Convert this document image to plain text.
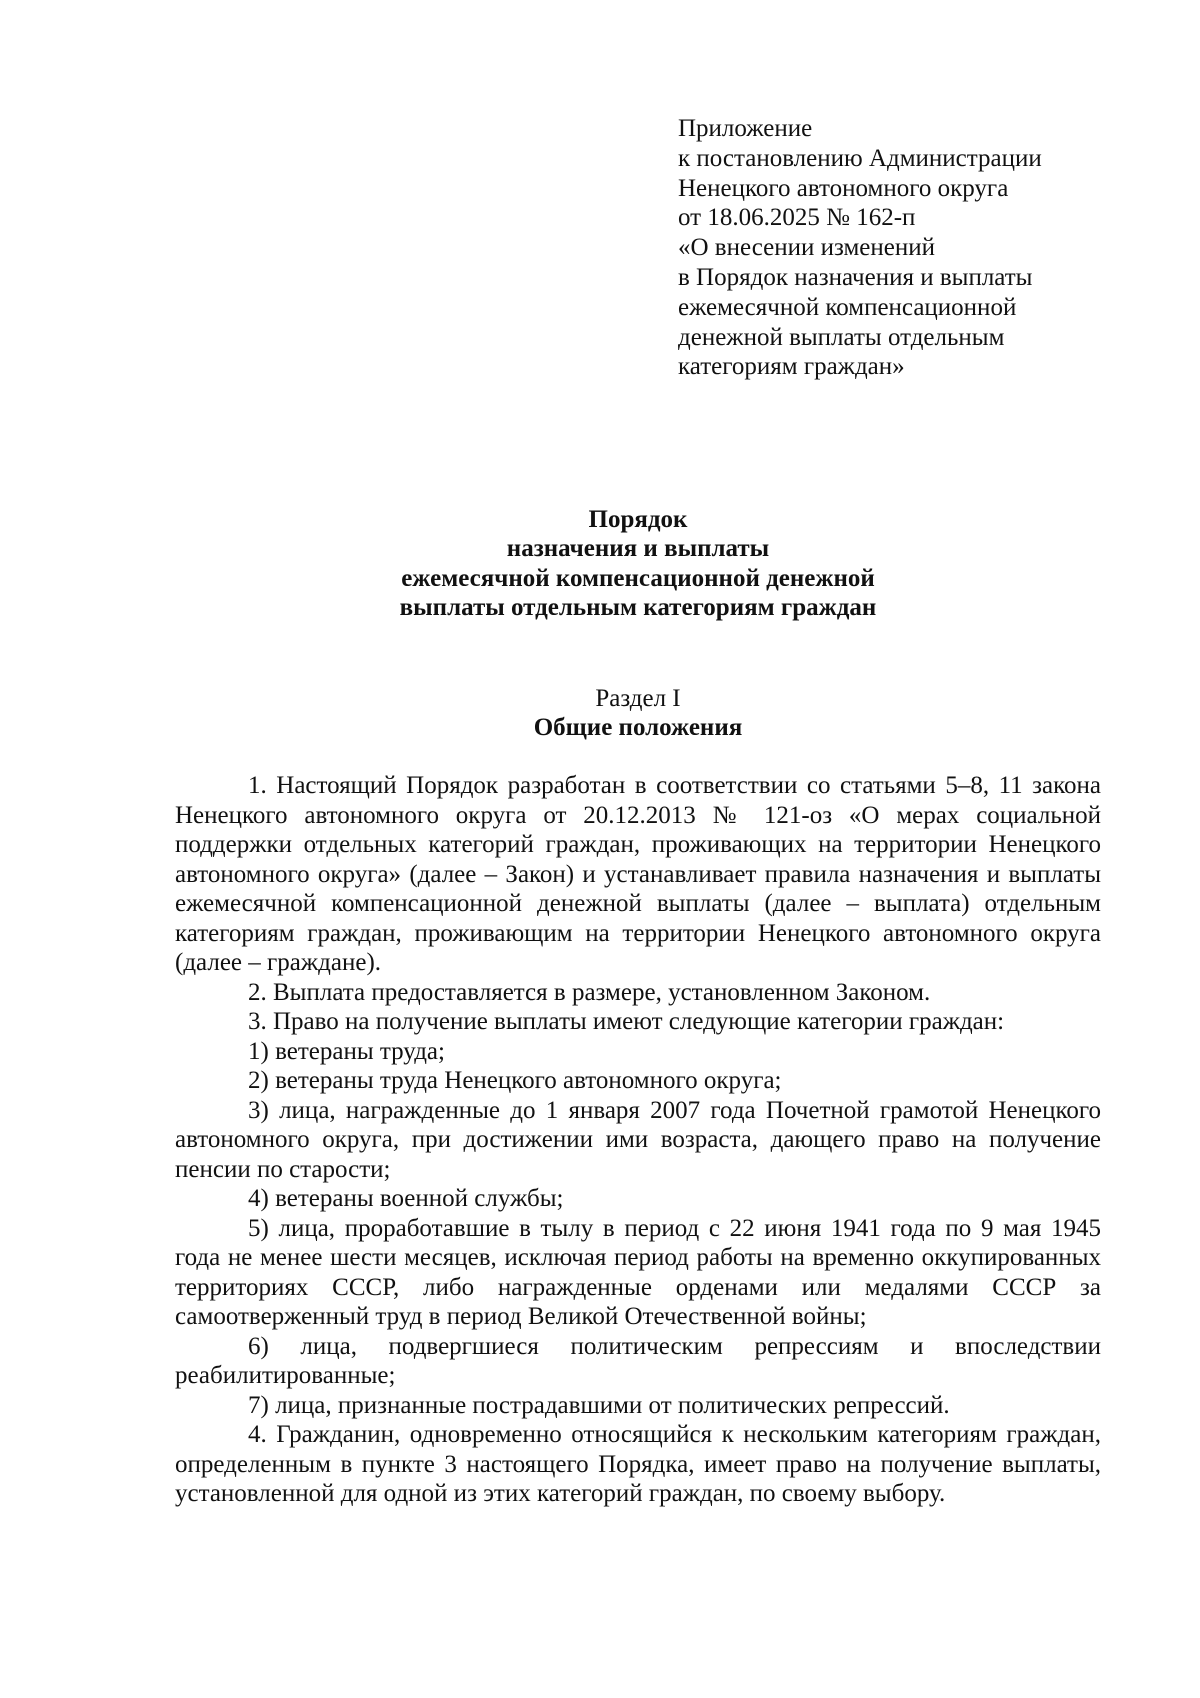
Приложение
к постановлению Администрации
Ненецкого автономного округа
от 18.06.2025 № 162-п
«О внесении изменений
в Порядок назначения и выплаты
ежемесячной компенсационной
денежной выплаты отдельным
категориям граждан»
Порядок
назначения и выплаты
ежемесячной компенсационной денежной
выплаты отдельным категориям граждан
Раздел I
Общие положения

1. Настоящий Порядок разработан в соответствии со статьями 5–8, 11 закона Ненецкого автономного округа от 20.12.2013 № 121-оз «О мерах социальной поддержки отдельных категорий граждан, проживающих на территории Ненецкого автономного округа» (далее – Закон) и устанавливает правила назначения и выплаты ежемесячной компенсационной денежной выплаты (далее – выплата) отдельным категориям граждан, проживающим на территории Ненецкого автономного округа (далее – граждане).

2. Выплата предоставляется в размере, установленном Законом.

3. Право на получение выплаты имеют следующие категории граждан:

1) ветераны труда;

2) ветераны труда Ненецкого автономного округа;

3) лица, награжденные до 1 января 2007 года Почетной грамотой Ненецкого автономного округа, при достижении ими возраста, дающего право на получение пенсии по старости;

4) ветераны военной службы;

5) лица, проработавшие в тылу в период с 22 июня 1941 года по 9 мая 1945 года не менее шести месяцев, исключая период работы на временно оккупированных территориях СССР, либо награжденные орденами или медалями СССР за самоотверженный труд в период Великой Отечественной войны;

6) лица, подвергшиеся политическим репрессиям и впоследствии реабилитированные;

7) лица, признанные пострадавшими от политических репрессий.

4. Гражданин, одновременно относящийся к нескольким категориям граждан, определенным в пункте 3 настоящего Порядка, имеет право на получение выплаты, установленной для одной из этих категорий граждан, по своему выбору.
